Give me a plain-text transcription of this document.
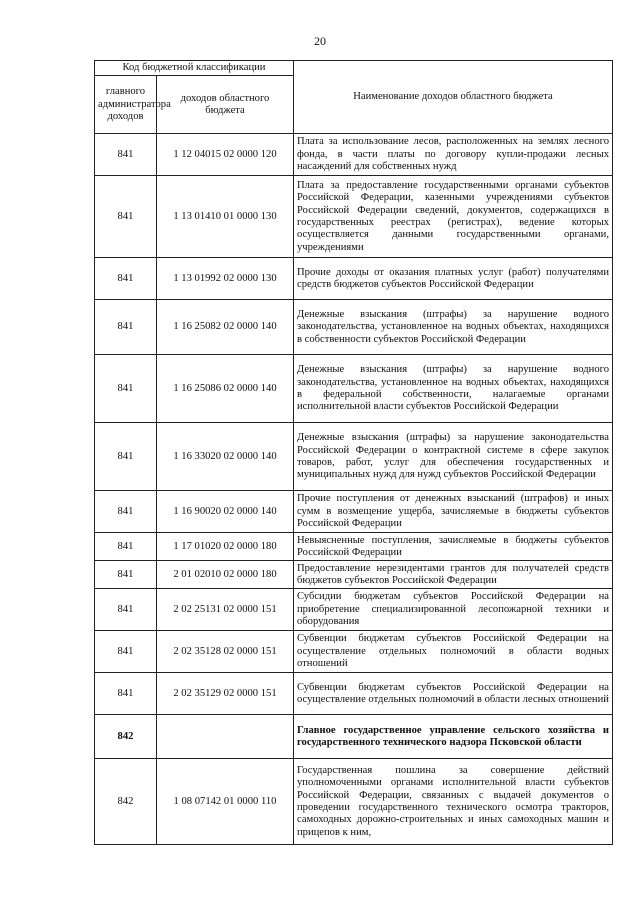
20
Код бюджетной классификации		Наименование доходов областного бюджета
главного администратора доходов	доходов областного бюджета	
841	1 12 04015 02 0000 120	Плата за использование лесов, расположенных на землях лесного фонда, в части платы по договору купли-продажи лесных насаждений для собственных нужд
841	1 13 01410 01 0000 130	Плата за предоставление государственными органами субъектов Российской Федерации, казенными учреждениями субъектов Российской Федерации сведений, документов, содержащихся в государственных реестрах (регистрах), ведение которых осуществляется данными государственными органами, учреждениями
841	1 13 01992 02 0000 130	Прочие доходы от оказания платных услуг (работ) получателями средств бюджетов субъектов Российской Федерации
841	1 16 25082 02 0000 140	Денежные взыскания (штрафы) за нарушение водного законодательства, установленное на водных объектах, находящихся в собственности субъектов Российской Федерации
841	1 16 25086 02 0000 140	Денежные взыскания (штрафы) за нарушение водного законодательства, установленное на водных объектах, находящихся в федеральной собственности, налагаемые органами исполнительной власти субъектов Российской Федерации
841	1 16 33020 02 0000 140	Денежные взыскания (штрафы) за нарушение законодательства Российской Федерации о контрактной системе в сфере закупок товаров, работ, услуг для обеспечения государственных и муниципальных нужд для нужд субъектов Российской Федерации
841	1 16 90020 02 0000 140	Прочие поступления от денежных взысканий (штрафов) и иных сумм в возмещение ущерба, зачисляемые в бюджеты субъектов Российской Федерации
841	1 17 01020 02 0000 180	Невыясненные поступления, зачисляемые в бюджеты субъектов Российской Федерации
841	2 01 02010 02 0000 180	Предоставление нерезидентами грантов для получателей средств бюджетов субъектов Российской Федерации
841	2 02 25131 02 0000 151	Субсидии бюджетам субъектов Российской Федерации на приобретение специализированной лесопожарной техники и оборудования
841	2 02 35128 02 0000 151	Субвенции бюджетам субъектов Российской Федерации на осуществление отдельных полномочий в области водных отношений
841	2 02 35129 02 0000 151	Субвенции бюджетам субъектов Российской Федерации на осуществление отдельных полномочий в области лесных отношений
842		Главное государственное управление сельского хозяйства и государственного технического надзора Псковской области
842	1 08 07142 01 0000 110	Государственная пошлина за совершение действий уполномоченными органами исполнительной власти субъектов Российской Федерации, связанных с выдачей документов о проведении государственного технического осмотра тракторов, самоходных дорожно-строительных и иных самоходных машин и прицепов к ним,
